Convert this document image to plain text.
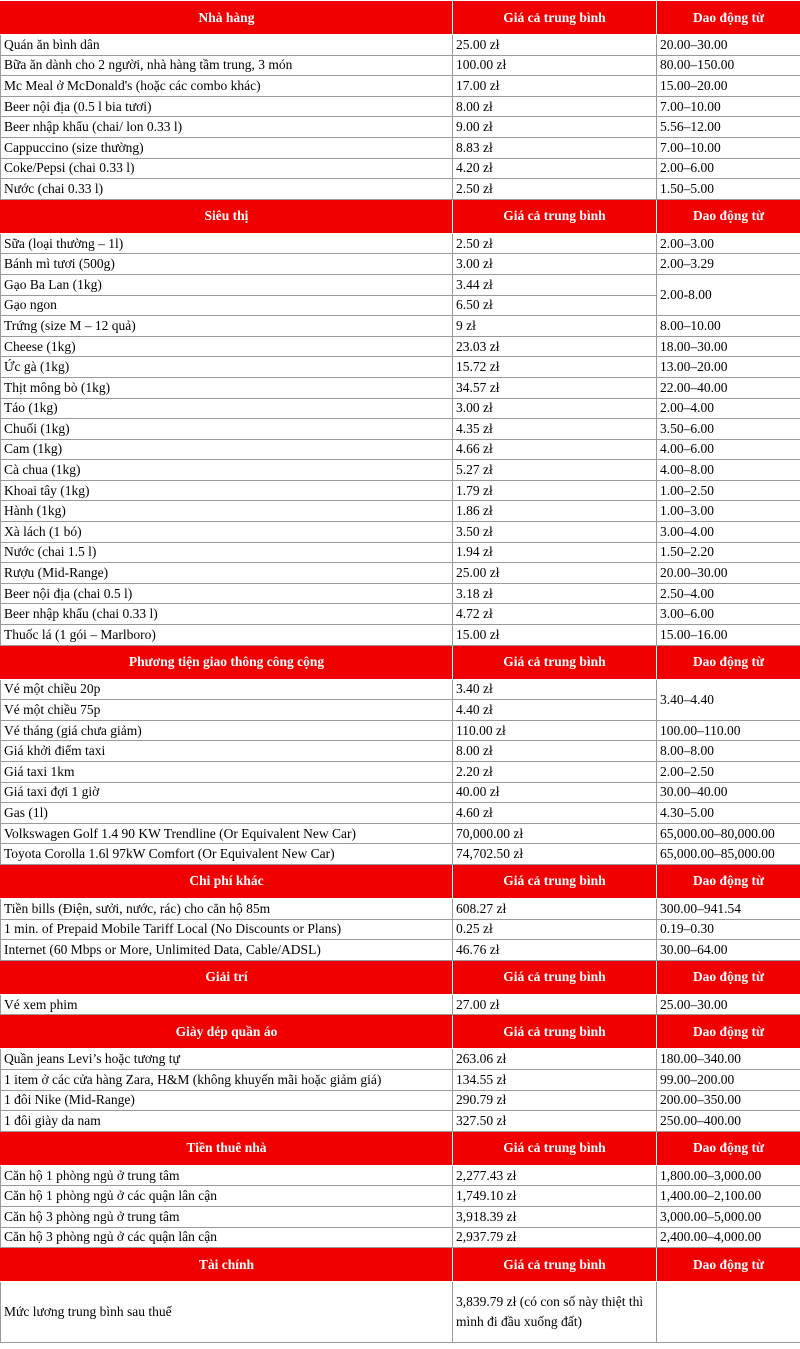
Nhà hàng	Giá cả trung bình	Dao động từ
Quán ăn bình dân	25.00 zł	20.00–30.00
Bữa ăn dành cho 2 người, nhà hàng tầm trung, 3 món	100.00 zł	80.00–150.00
Mc Meal ở McDonald's (hoặc các combo khác)	17.00 zł	15.00–20.00
Beer nội địa (0.5 l bia tươi)	8.00 zł	7.00–10.00
Beer nhập khẩu (chai/ lon 0.33 l)	9.00 zł	5.56–12.00
Cappuccino (size thường)	8.83 zł	7.00–10.00
Coke/Pepsi (chai 0.33 l)	4.20 zł	2.00–6.00
Nước (chai 0.33 l)	2.50 zł	1.50–5.00
Siêu thị	Giá cả trung bình	Dao động từ
Sữa (loại thường – 1l)	2.50 zł	2.00–3.00
Bánh mì tươi (500g)	3.00 zł	2.00–3.29
Gạo Ba Lan (1kg)	3.44 zł	2.00-8.00
Gạo ngon	6.50 zł	
Trứng (size M – 12 quả)	9 zł	8.00–10.00
Cheese (1kg)	23.03 zł	18.00–30.00
Ức gà (1kg)	15.72 zł	13.00–20.00
Thịt mông bò (1kg)	34.57 zł	22.00–40.00
Táo (1kg)	3.00 zł	2.00–4.00
Chuối (1kg)	4.35 zł	3.50–6.00
Cam (1kg)	4.66 zł	4.00–6.00
Cà chua (1kg)	5.27 zł	4.00–8.00
Khoai tây (1kg)	1.79 zł	1.00–2.50
Hành (1kg)	1.86 zł	1.00–3.00
Xà lách (1 bó)	3.50 zł	3.00–4.00
Nước (chai 1.5 l)	1.94 zł	1.50–2.20
Rượu (Mid-Range)	25.00 zł	20.00–30.00
Beer nội địa (chai 0.5 l)	3.18 zł	2.50–4.00
Beer nhập khẩu (chai 0.33 l)	4.72 zł	3.00–6.00
Thuốc lá (1 gói – Marlboro)	15.00 zł	15.00–16.00
Phương tiện giao thông công cộng	Giá cả trung bình	Dao động từ
Vé một chiều 20p	3.40 zł	3.40–4.40
Vé một chiều 75p	4.40 zł	
Vé tháng (giá chưa giảm)	110.00 zł	100.00–110.00
Giá khởi điểm taxi	8.00 zł	8.00–8.00
Giá taxi 1km	2.20 zł	2.00–2.50
Giá taxi đợi 1 giờ	40.00 zł	30.00–40.00
Gas (1l)	4.60 zł	4.30–5.00
Volkswagen Golf 1.4 90 KW Trendline (Or Equivalent New Car)	70,000.00 zł	65,000.00–80,000.00
Toyota Corolla 1.6l 97kW Comfort (Or Equivalent New Car)	74,702.50 zł	65,000.00–85,000.00
Chi phí khác	Giá cả trung bình	Dao động từ
Tiền bills (Điện, sưởi, nước, rác) cho căn hộ 85m	608.27 zł	300.00–941.54
1 min. of Prepaid Mobile Tariff Local (No Discounts or Plans)	0.25 zł	0.19–0.30
Internet (60 Mbps or More, Unlimited Data, Cable/ADSL)	46.76 zł	30.00–64.00
Giải trí	Giá cả trung bình	Dao động từ
Vé xem phim	27.00 zł	25.00–30.00
Giày dép quần áo	Giá cả trung bình	Dao động từ
Quần jeans Levi’s hoặc tương tự	263.06 zł	180.00–340.00
1 item ở các cửa hàng Zara, H&M (không khuyến mãi hoặc giảm giá)	134.55 zł	99.00–200.00
1 đôi Nike (Mid-Range)	290.79 zł	200.00–350.00
1 đôi giày da nam	327.50 zł	250.00–400.00
Tiền thuê nhà	Giá cả trung bình	Dao động từ
Căn hộ 1 phòng ngủ ở trung tâm	2,277.43 zł	1,800.00–3,000.00
Căn hộ 1 phòng ngủ ở các quận lân cận	1,749.10 zł	1,400.00–2,100.00
Căn hộ 3 phòng ngủ ở trung tâm	3,918.39 zł	3,000.00–5,000.00
Căn hộ 3 phòng ngủ ở các quận lân cận	2,937.79 zł	2,400.00–4,000.00
Tài chính	Giá cả trung bình	Dao động từ
Mức lương trung bình sau thuế	3,839.79 zł (có con số này thiệt thì mình đi đầu xuống đất)	
